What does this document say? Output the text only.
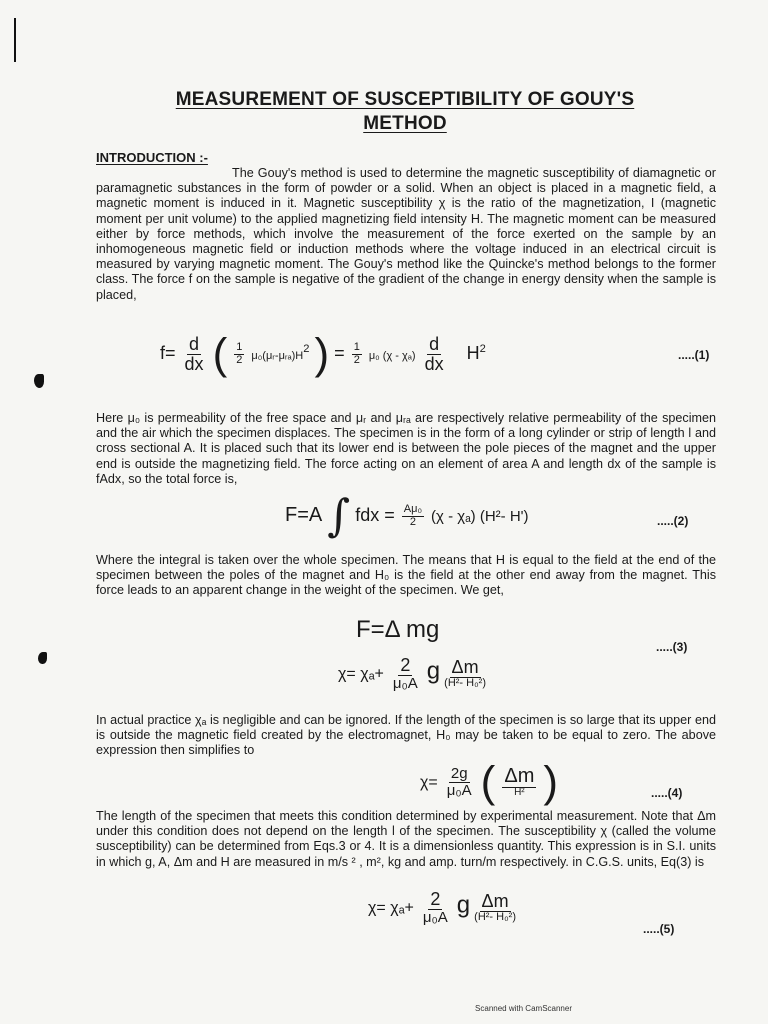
MEASUREMENT OF SUSCEPTIBILITY OF GOUY'S
METHOD
INTRODUCTION :-

The Gouy's method is used to determine the magnetic susceptibility of diamagnetic or paramagnetic substances in the form of powder or a solid. When an object is placed in a magnetic field, a magnetic moment is induced in it. Magnetic susceptibility χ is the ratio of the magnetization, I (magnetic moment per unit volume) to the applied magnetizing field intensity H. The magnetic moment can be measured either by force methods, which involve the measurement of the force exerted on the sample by an inhomogeneous magnetic field or induction methods where the voltage induced in an electrical circuit is measured by varying magnetic moment. The Gouy's method like the Quincke's method belongs to the former class. The force f on the sample is negative of the gradient of the change in energy density when the sample is placed,

$f= \frac{d}{dx}$ ( $\frac{1}{2}$ $\mu_0(\mu ᵣ-\mu ᵣ_a)H^2$ ) = $\frac{1}{2} \mu_0$ $(\chi - \chi_a) \frac{d}{dx} H^2$	.....(1)

Here μ₀ is permeability of the free space and μᵣ and μᵣₐ are respectively relative permeability of the specimen and the air which the specimen displaces. The specimen is in the form of a long cylinder or strip of length l and cross sectional A. It is placed such that its lower end is between the pole pieces of the magnet and the upper end is outside the magnetizing field. The force acting on an element of area A and length dx of the sample is fAdx, so the total force is,

F=A ∫ fdx = $\frac{\text{Aμ₀}}{2} (\chi - \chi_a)$ (H²- H')	.....(2)

Where the integral is taken over the whole specimen. The means that H is equal to the field at the end of the specimen between the poles of the magnet and H₀ is the field at the other end away from the magnet. This force leads to an apparent change in the weight of the specimen. We get,

F=Δ mg
.....(3)
$\chi= \chi_a+ \frac{2}{\text{μ₀A}}$ g $\frac{\Delta m}{\text{(H²- H₀²)}}$

In actual practice χₐ is negligible and can be ignored. If the length of the specimen is so large that its upper end is outside the magnetic field created by the electromagnet, H₀ may be taken to be equal to zero. The above expression then simplifies to

$\chi= \frac{2g}{\text{μ₀A}}$ ( $\frac{\Delta m}{\text{H²}}$ )	.....(4)

The length of the specimen that meets this condition determined by experimental measurement. Note that Δm under this condition does not depend on the length l of the specimen. The susceptibility χ (called the volume susceptibility) can be determined from Eqs.3 or 4. It is a dimensionless quantity. This expression is in S.I. units in which g, A, Δm and H are measured in m/s ² , m², kg and amp. turn/m respectively. in C.G.S. units, Eq(3) is

$\chi= \chi_a+ \frac{2}{\text{μ₀A}}$ g $\frac{\Delta m}{\text{(H²- H₀²)}}$
.....(5)
Scanned with CamScanner
